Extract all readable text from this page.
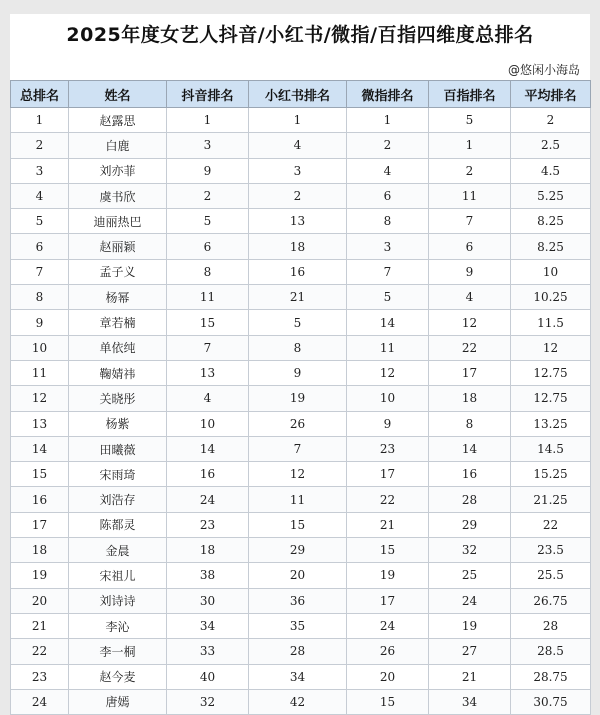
2025年度女艺人抖音/小红书/微指/百指四维度总排名
@悠闲小海岛
总排名	姓名	抖音排名	小红书排名	微指排名	百指排名	平均排名
1	赵露思	1	1	1	5	2
2	白鹿	3	4	2	1	2.5
3	刘亦菲	9	3	4	2	4.5
4	虞书欣	2	2	6	11	5.25
5	迪丽热巴	5	13	8	7	8.25
6	赵丽颖	6	18	3	6	8.25
7	孟子义	8	16	7	9	10
8	杨幂	11	21	5	4	10.25
9	章若楠	15	5	14	12	11.5
10	单依纯	7	8	11	22	12
11	鞠婧祎	13	9	12	17	12.75
12	关晓彤	4	19	10	18	12.75
13	杨紫	10	26	9	8	13.25
14	田曦薇	14	7	23	14	14.5
15	宋雨琦	16	12	17	16	15.25
16	刘浩存	24	11	22	28	21.25
17	陈都灵	23	15	21	29	22
18	金晨	18	29	15	32	23.5
19	宋祖儿	38	20	19	25	25.5
20	刘诗诗	30	36	17	24	26.75
21	李沁	34	35	24	19	28
22	李一桐	33	28	26	27	28.5
23	赵今麦	40	34	20	21	28.75
24	唐嫣	32	42	15	34	30.75
